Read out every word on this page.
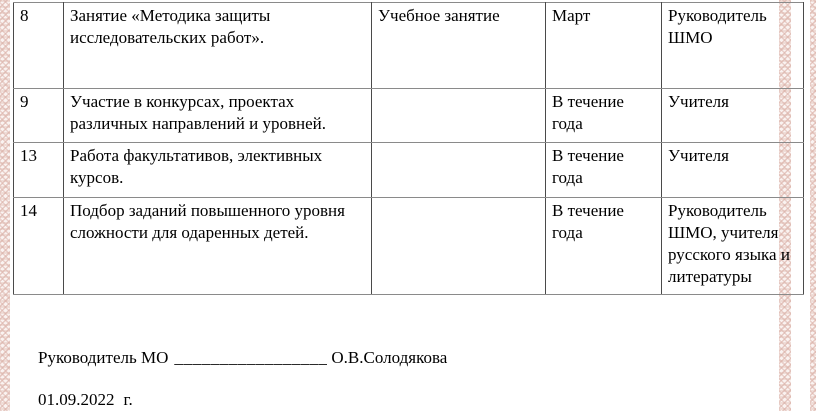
8	Занятие «Методика защиты исследовательских работ».	Учебное занятие	Март	Руководитель ШМО
9	Участие в конкурсах, проектах различных направлений и уровней.		В течение года	Учителя
13	Работа факультативов, элективных курсов.		В течение года	Учителя
14	Подбор заданий повышенного уровня сложности для одаренных детей.		В течение года	Руководитель ШМО, учителя русского языка и литературы
Руководитель МО _________________ О.В.Солодякова
01.09.2022 г.
